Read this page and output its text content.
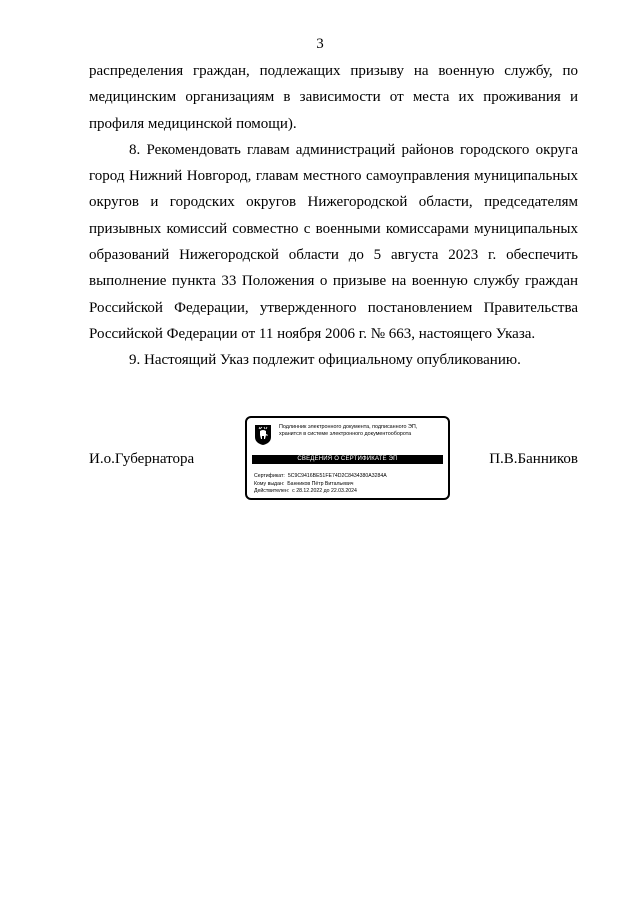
3

распределения граждан, подлежащих призыву на военную службу, по медицинским организациям в зависимости от места их проживания и профиля медицинской помощи).

8. Рекомендовать главам администраций районов городского округа город Нижний Новгород, главам местного самоуправления муниципальных округов и городских округов Нижегородской области, председателям призывных комиссий совместно с военными комиссарами муниципальных образований Нижегородской области до 5 августа 2023 г. обеспечить выполнение пункта 33 Положения о призыве на военную службу граждан Российской Федерации, утвержденного постановлением Правительства Российской Федерации от 11 ноября 2006 г. № 663, настоящего Указа.

9. Настоящий Указ подлежит официальному опубликованию.

И.о.Губернатора
Подлинник электронного документа, подписанного ЭП,
хранится в системе электронного документооборота
СВЕДЕНИЯ О СЕРТИФИКАТЕ ЭП
Сертификат: 5C9C9416BE51FE74D2C8434380A3284A
Кому выдан: Банников Пётр Витальевич
Действителен: с 28.12.2022 до 22.03.2024
П.В.Банников
